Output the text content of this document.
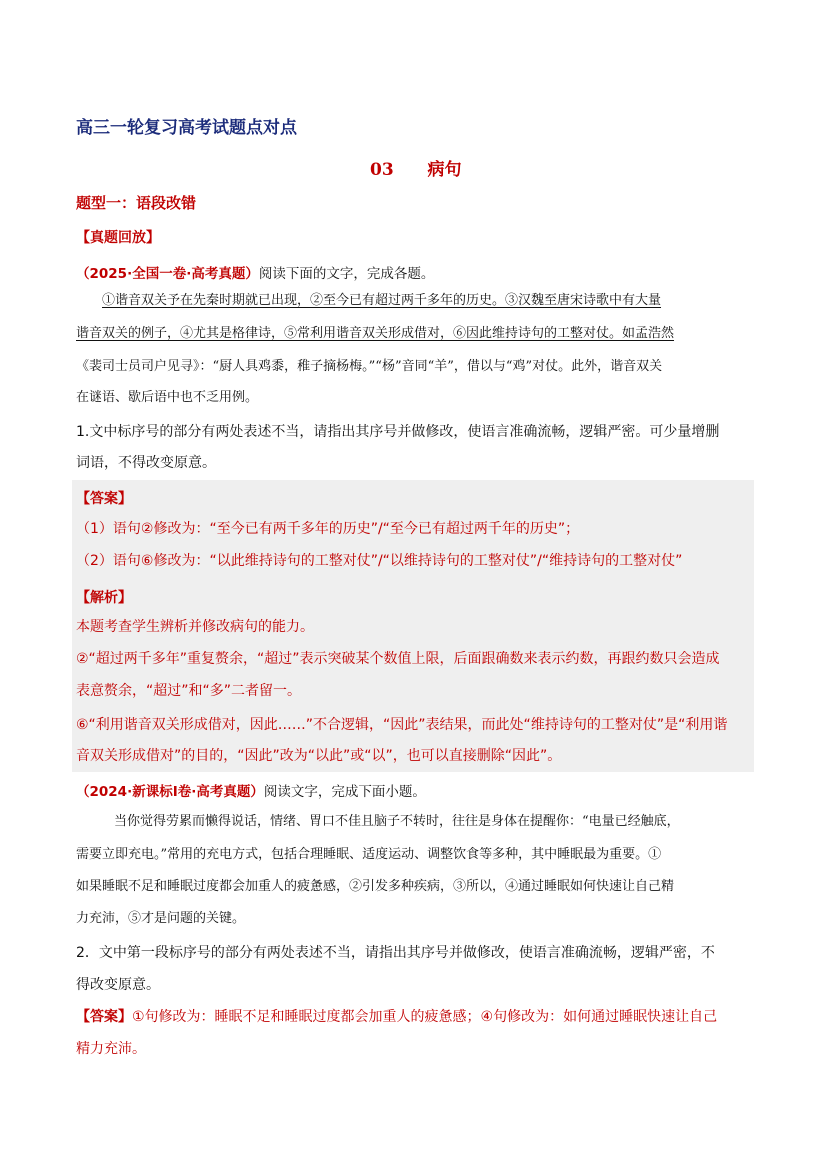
高三一轮复习高考试题点对点
03 病句
题型一：语段改错
【真题回放】
（2025·全国一卷·高考真题）阅读下面的文字，完成各题。
①谐音双关予在先秦时期就已出现，②至今已有超过两千多年的历史。③汉魏至唐宋诗歌中有大量
谐音双关的例子，④尤其是格律诗，⑤常利用谐音双关形成借对，⑥因此维持诗句的工整对仗。如孟浩然
《裴司士员司户见寻》：“厨人具鸡黍，稚子摘杨梅。”“杨”音同“羊”，借以与“鸡”对仗。此外，谐音双关
在谜语、歇后语中也不乏用例。
1.文中标序号的部分有两处表述不当，请指出其序号并做修改，使语言准确流畅，逻辑严密。可少量增删
词语，不得改变原意。
【答案】
（1）语句②修改为：“至今已有两千多年的历史”/“至今已有超过两千年的历史”；
（2）语句⑥修改为：“以此维持诗句的工整对仗”/“以维持诗句的工整对仗”/“维持诗句的工整对仗”
【解析】
本题考查学生辨析并修改病句的能力。
②“超过两千多年”重复赘余，“超过”表示突破某个数值上限，后面跟确数来表示约数，再跟约数只会造成
表意赘余，“超过”和“多”二者留一。
⑥“利用谐音双关形成借对，因此……”不合逻辑，“因此”表结果，而此处“维持诗句的工整对仗”是“利用谐
音双关形成借对”的目的，“因此”改为“以此”或“以”，也可以直接删除“因此”。
（2024·新课标Ⅰ卷·高考真题）阅读文字，完成下面小题。
当你觉得劳累而懒得说话，情绪、胃口不佳且脑子不转时，往往是身体在提醒你：“电量已经触底，
需要立即充电。”常用的充电方式，包括合理睡眠、适度运动、调整饮食等多种，其中睡眠最为重要。①
如果睡眠不足和睡眠过度都会加重人的疲惫感，②引发多种疾病，③所以，④通过睡眠如何快速让自己精
力充沛，⑤才是问题的关键。
2．文中第一段标序号的部分有两处表述不当，请指出其序号并做修改，使语言准确流畅，逻辑严密，不
得改变原意。
【答案】①句修改为：睡眠不足和睡眠过度都会加重人的疲惫感；④句修改为：如何通过睡眠快速让自己
精力充沛。
